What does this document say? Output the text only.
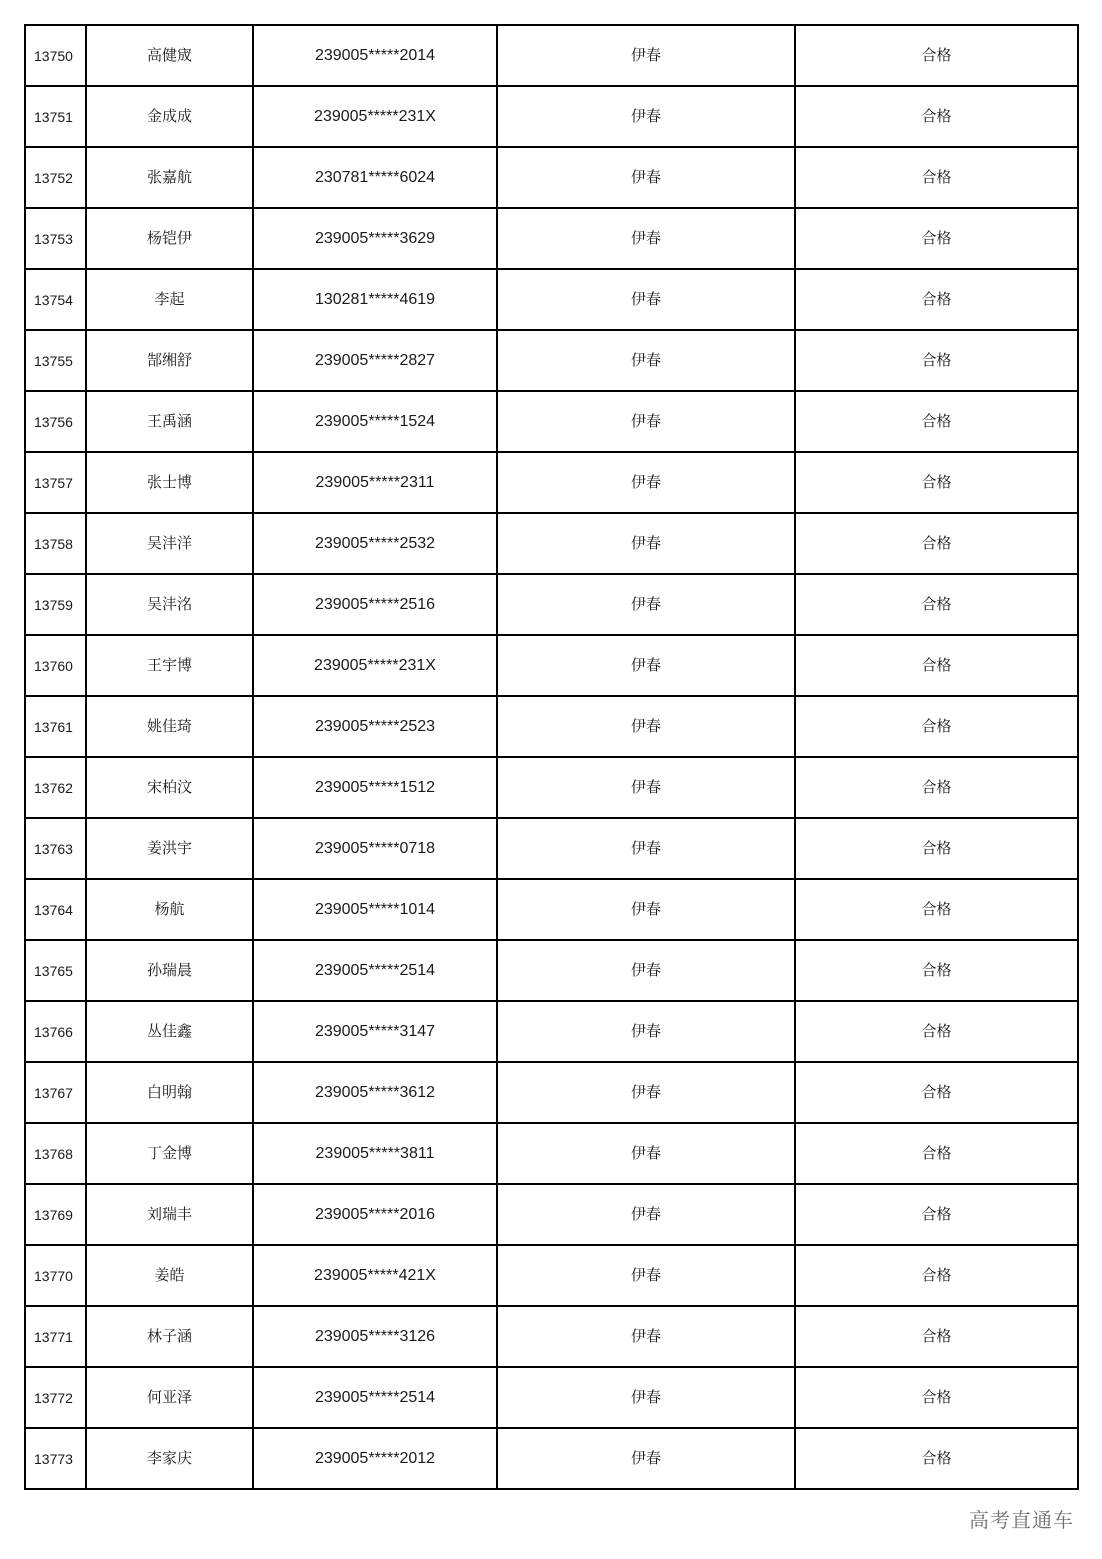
13750	高健宬	239005*****2014	伊春	合格
13751	金成成	239005*****231X	伊春	合格
13752	张嘉航	230781*****6024	伊春	合格
13753	杨铠伊	239005*****3629	伊春	合格
13754	李起	130281*****4619	伊春	合格
13755	郜缃舒	239005*****2827	伊春	合格
13756	王禹涵	239005*****1524	伊春	合格
13757	张士博	239005*****2311	伊春	合格
13758	吴沣洋	239005*****2532	伊春	合格
13759	吴沣洺	239005*****2516	伊春	合格
13760	王宇博	239005*****231X	伊春	合格
13761	姚佳琦	239005*****2523	伊春	合格
13762	宋柏汶	239005*****1512	伊春	合格
13763	姜洪宇	239005*****0718	伊春	合格
13764	杨航	239005*****1014	伊春	合格
13765	孙瑞晨	239005*****2514	伊春	合格
13766	丛佳鑫	239005*****3147	伊春	合格
13767	白明翰	239005*****3612	伊春	合格
13768	丁金博	239005*****3811	伊春	合格
13769	刘瑞丰	239005*****2016	伊春	合格
13770	姜皓	239005*****421X	伊春	合格
13771	林子涵	239005*****3126	伊春	合格
13772	何亚泽	239005*****2514	伊春	合格
13773	李家庆	239005*****2012	伊春	合格
高考直通车
